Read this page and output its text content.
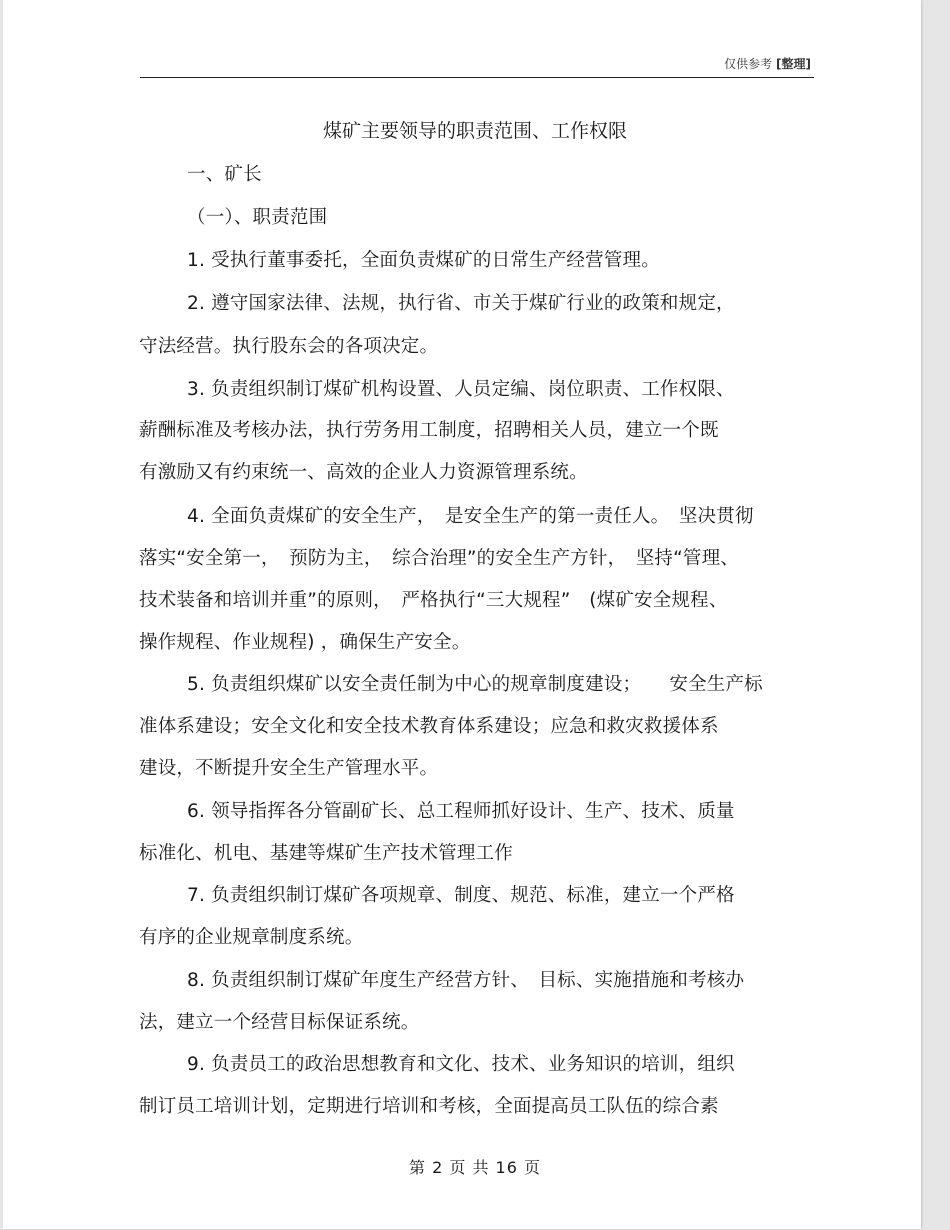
仅供参考 [整理]
煤矿主要领导的职责范围、工作权限
一、矿长
（一）、职责范围
1. 受执行董事委托，全面负责煤矿的日常生产经营管理。
2. 遵守国家法律、法规，执行省、市关于煤矿行业的政策和规定，
守法经营。执行股东会的各项决定。
3. 负责组织制订煤矿机构设置、人员定编、岗位职责、工作权限、
薪酬标准及考核办法，执行劳务用工制度，招聘相关人员，建立一个既
有激励又有约束统一、高效的企业人力资源管理系统。
4. 全面负责煤矿的安全生产，　是安全生产的第一责任人。　坚决贯彻
落实“安全第一，　预防为主，　综合治理”的安全生产方针，　坚持“管理、
技术装备和培训并重”的原则，　严格执行“三大规程”　(煤矿安全规程、
操作规程、作业规程) ，确保生产安全。
5. 负责组织煤矿以安全责任制为中心的规章制度建设；　　安全生产标
准体系建设；安全文化和安全技术教育体系建设；应急和救灾救援体系
建设，不断提升安全生产管理水平。
6. 领导指挥各分管副矿长、总工程师抓好设计、生产、技术、质量
标准化、机电、基建等煤矿生产技术管理工作
7. 负责组织制订煤矿各项规章、制度、规范、标准，建立一个严格
有序的企业规章制度系统。
8. 负责组织制订煤矿年度生产经营方针、　目标、实施措施和考核办
法，建立一个经营目标保证系统。
9. 负责员工的政治思想教育和文化、技术、业务知识的培训，组织
制订员工培训计划，定期进行培训和考核，全面提高员工队伍的综合素
第 2 页 共 16 页
